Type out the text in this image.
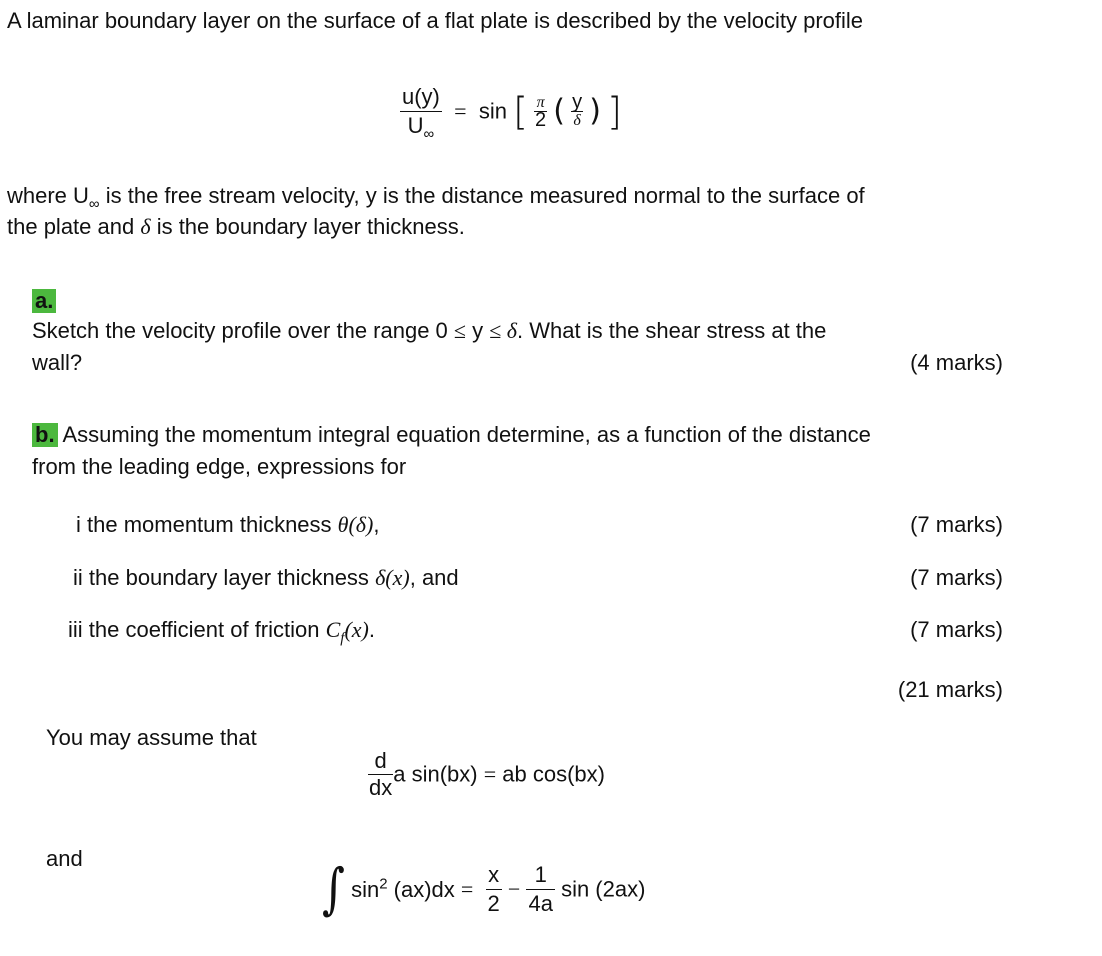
A laminar boundary layer on the surface of a flat plate is described by the velocity profile
$\frac{u(y)}{U_\infty} = \sin$ [ $\frac{\pi}{2}$ ( $\frac{y}{\delta}$ ) ]
where $U_\infty$ is the free stream velocity, y is the distance measured normal to the surface of
the plate and δ is the boundary layer thickness.
a.
Sketch the velocity profile over the range 0 ≤ y ≤ δ. What is the shear stress at the
wall?	(4 marks)
b. Assuming the momentum integral equation determine, as a function of the distance
from the leading edge, expressions for
i the momentum thickness θ(δ),	(7 marks)
ii the boundary layer thickness δ(x), and	(7 marks)
iii the coefficient of friction $C_f(x)$.	(7 marks)
(21 marks)
You may assume that
$\frac{d}{dx}$ a sin(bx) = ab cos(bx)
and	∫ $\sin^2 (ax)dx = \frac{x}{2} - \frac{1}{4a}$ sin (2ax)
